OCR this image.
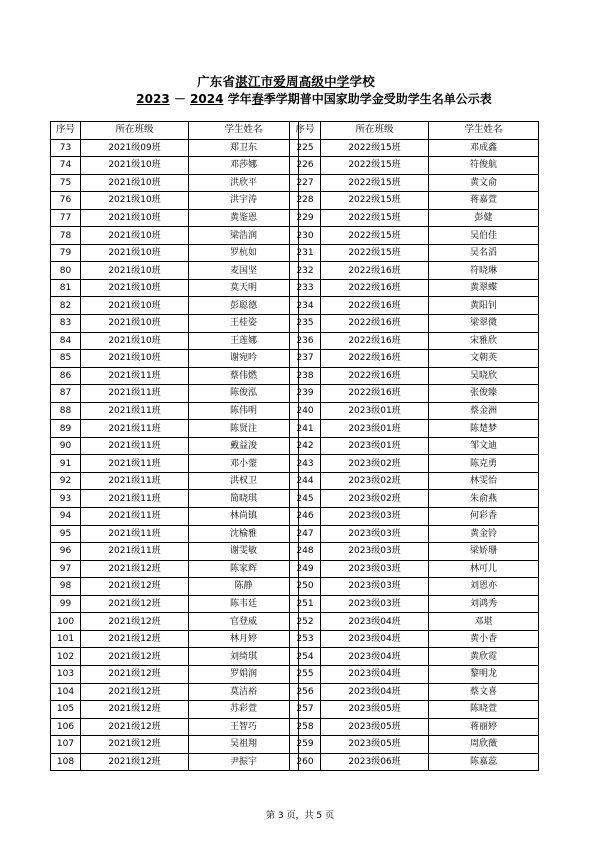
广东省湛江市爱周高级中学学校
2023 － 2024 学年春季学期普中国家助学金受助学生名单公示表
序号	所在班级	学生姓名
73	2021级09班	郑卫东
74	2021级10班	邓莎娜
75	2021级10班	洪欣平
76	2021级10班	洪宇涛
77	2021级10班	黄鉴恩
78	2021级10班	梁浩润
79	2021级10班	罗杭如
80	2021级10班	麦国坚
81	2021级10班	莫天明
82	2021级10班	彭聪德
83	2021级10班	王桂姿
84	2021级10班	王莲娜
85	2021级10班	谢宛吟
86	2021级11班	蔡伟燃
87	2021级11班	陈俊泓
88	2021级11班	陈伟明
89	2021级11班	陈贤注
90	2021级11班	戴益浚
91	2021级11班	邓小蓥
92	2021级11班	洪权卫
93	2021级11班	简晓琪
94	2021级11班	林尚镇
95	2021级11班	沈榆雅
96	2021级11班	谢雯敏
97	2021级12班	陈家辉
98	2021级12班	陈静
99	2021级12班	陈韦廷
100	2021级12班	官登威
101	2021级12班	林月婷
102	2021级12班	刘绮琪
103	2021级12班	罗娟润
104	2021级12班	莫洁裕
105	2021级12班	苏彩萱
106	2021级12班	王智巧
107	2021级12班	吴祖翔
108	2021级12班	尹振宇
序号	所在班级	学生姓名
225	2022级15班	邓成鑫
226	2022级15班	符俊航
227	2022级15班	黄文俞
228	2022级15班	蒋嘉萱
229	2022级15班	彭健
230	2022级15班	吴伯佳
231	2022级15班	吴名滔
232	2022级16班	符晓琳
233	2022级16班	黄翠蝶
234	2022级16班	黄阳钊
235	2022级16班	梁翠微
236	2022级16班	宋雅欣
237	2022级16班	文朝英
238	2022级16班	吴晓欣
239	2022级16班	张俊臻
240	2023级01班	蔡金洲
241	2023级01班	陈楚梦
242	2023级01班	邹文迪
243	2023级02班	陈克勇
244	2023级02班	林雯怡
245	2023级02班	朱俞燕
246	2023级03班	何彩香
247	2023级03班	黄金铃
248	2023级03班	梁娇珊
249	2023级03班	林可儿
250	2023级03班	刘恩亦
251	2023级03班	刘鸿秀
252	2023级04班	邓堪
253	2023级04班	黄小香
254	2023级04班	黄欣霓
255	2023级04班	黎明龙
256	2023级04班	蔡文喜
257	2023级05班	陈晓萱
258	2023级05班	蒋丽婷
259	2023级05班	周欣薇
260	2023级06班	陈嘉蕊
第 3 页，共 5 页
